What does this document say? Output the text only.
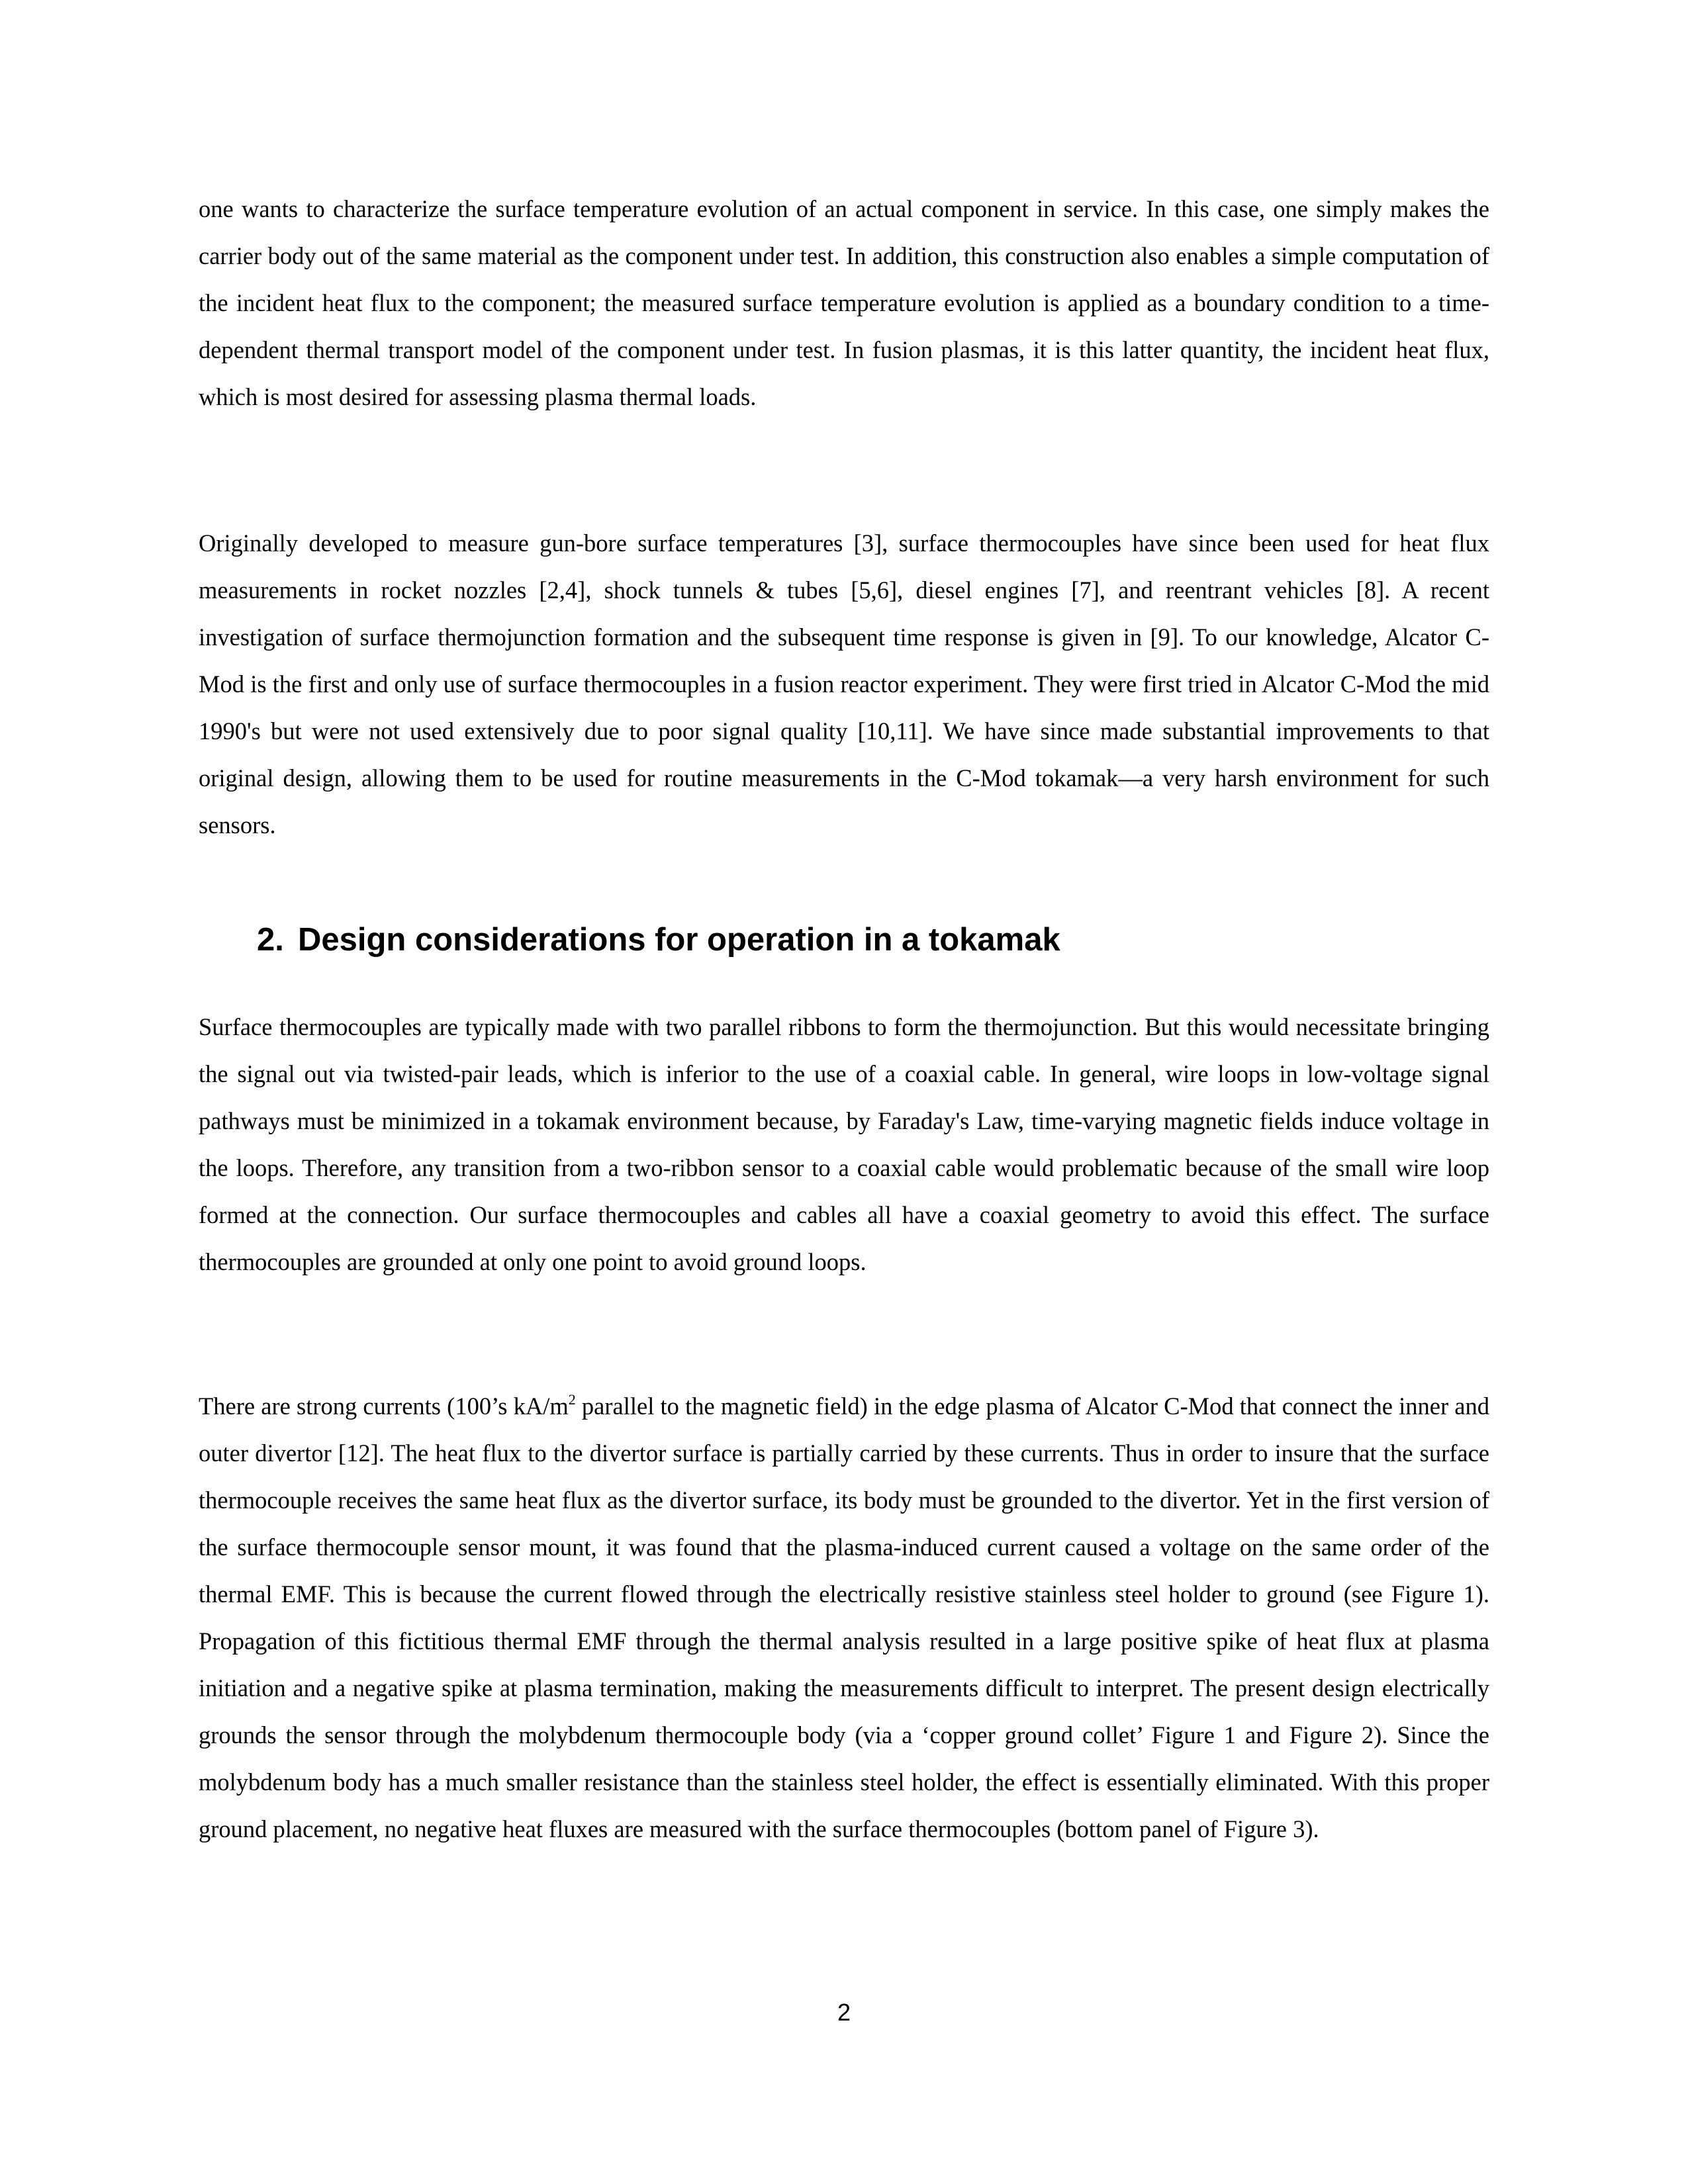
one wants to characterize the surface temperature evolution of an actual component in service. In this case, one simply makes the carrier body out of the same material as the component under test. In addition, this construction also enables a simple computation of the incident heat flux to the component; the measured surface temperature evolution is applied as a boundary condition to a time-dependent thermal transport model of the component under test. In fusion plasmas, it is this latter quantity, the incident heat flux, which is most desired for assessing plasma thermal loads.

Originally developed to measure gun-bore surface temperatures [3], surface thermocouples have since been used for heat flux measurements in rocket nozzles [2,4], shock tunnels & tubes [5,6], diesel engines [7], and reentrant vehicles [8]. A recent investigation of surface thermojunction formation and the subsequent time response is given in [9]. To our knowledge, Alcator C-Mod is the first and only use of surface thermocouples in a fusion reactor experiment. They were first tried in Alcator C-Mod the mid 1990's but were not used extensively due to poor signal quality [10,11]. We have since made substantial improvements to that original design, allowing them to be used for routine measurements in the C-Mod tokamak—a very harsh environment for such sensors.

2. Design considerations for operation in a tokamak

Surface thermocouples are typically made with two parallel ribbons to form the thermojunction. But this would necessitate bringing the signal out via twisted-pair leads, which is inferior to the use of a coaxial cable. In general, wire loops in low-voltage signal pathways must be minimized in a tokamak environment because, by Faraday's Law, time-varying magnetic fields induce voltage in the loops. Therefore, any transition from a two-ribbon sensor to a coaxial cable would problematic because of the small wire loop formed at the connection. Our surface thermocouples and cables all have a coaxial geometry to avoid this effect. The surface thermocouples are grounded at only one point to avoid ground loops.

There are strong currents (100’s $kA/m^2$ parallel to the magnetic field) in the edge plasma of Alcator C-Mod that connect the inner and outer divertor [12]. The heat flux to the divertor surface is partially carried by these currents. Thus in order to insure that the surface thermocouple receives the same heat flux as the divertor surface, its body must be grounded to the divertor. Yet in the first version of the surface thermocouple sensor mount, it was found that the plasma-induced current caused a voltage on the same order of the thermal EMF. This is because the current flowed through the electrically resistive stainless steel holder to ground (see Figure 1). Propagation of this fictitious thermal EMF through the thermal analysis resulted in a large positive spike of heat flux at plasma initiation and a negative spike at plasma termination, making the measurements difficult to interpret. The present design electrically grounds the sensor through the molybdenum thermocouple body (via a ‘copper ground collet’ Figure 1 and Figure 2). Since the molybdenum body has a much smaller resistance than the stainless steel holder, the effect is essentially eliminated. With this proper ground placement, no negative heat fluxes are measured with the surface thermocouples (bottom panel of Figure 3).

2
